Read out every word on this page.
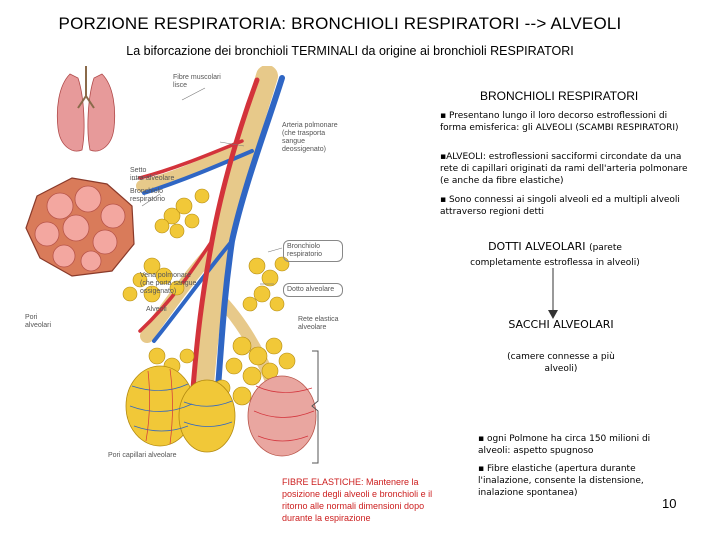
PORZIONE RESPIRATORIA: BRONCHIOLI RESPIRATORI --> ALVEOLI
La biforcazione dei bronchioli TERMINALI da origine ai bronchioli RESPIRATORI
Fibre muscolari
lisce
Arteria polmonare
(che trasporta
sangue
deossigenato)
Setto
intra-alveolare
Bronchiolo
respiratorio
Bronchiolo
respiratorio
Vena polmonare
(che porta sangue
ossigenato)	Dotto alveolare
Alveoli
Rete elastica
alveolare
Pori
alveolari
Pori capillari alveolare
BRONCHIOLI RESPIRATORI
▪ Presentano lungo il loro decorso estroflessioni di forma emisferica: gli ALVEOLI (SCAMBI RESPIRATORI)
▪ALVEOLI: estroflessioni sacciformi circondate da una rete di capillari originati da rami dell'arteria polmonare (e anche da fibre elastiche)
▪ Sono connessi ai singoli alveoli ed a multipli alveoli attraverso regioni detti
DOTTI ALVEOLARI (parete
completamente estroflessa in alveoli)
SACCHI ALVEOLARI
(camere connesse a più alveoli)
▪ ogni Polmone ha circa 150 milioni di alveoli: aspetto spugnoso
▪ Fibre elastiche (apertura durante l'inalazione, consente la distensione, inalazione spontanea)
FIBRE ELASTICHE: Mantenere la posizione degli alveoli e bronchioli e il ritorno alle normali dimensioni dopo durante la espirazione
10
